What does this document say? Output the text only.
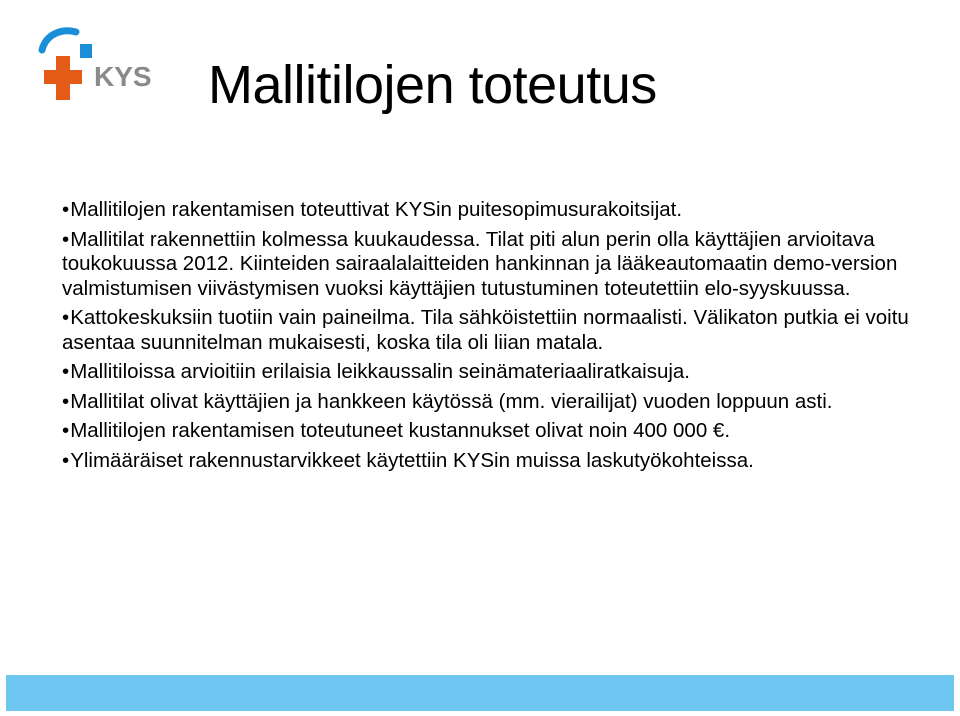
KYS Mallitilojen toteutus
• Mallitilojen rakentamisen toteuttivat KYSin puitesopimusurakoitsijat.
• Mallitilat rakennettiin kolmessa kuukaudessa. Tilat piti alun perin olla käyttäjien arvioitava toukokuussa 2012. Kiinteiden sairaalalaitteiden hankinnan ja lääkeautomaatin demo-version valmistumisen viivästymisen vuoksi käyttäjien tutustuminen toteutettiin elo-syyskuussa.
• Kattokeskuksiin tuotiin vain paineilma. Tila sähköistettiin normaalisti. Välikaton putkia ei voitu asentaa suunnitelman mukaisesti, koska tila oli liian matala.
• Mallitiloissa arvioitiin erilaisia leikkaussalin seinämateriaaliratkaisuja.
• Mallitilat olivat käyttäjien ja hankkeen käytössä (mm. vierailijat) vuoden loppuun asti.
• Mallitilojen rakentamisen toteutuneet kustannukset olivat noin 400 000 €.
• Ylimääräiset rakennustarvikkeet käytettiin KYSin muissa laskutyökohteissa.
